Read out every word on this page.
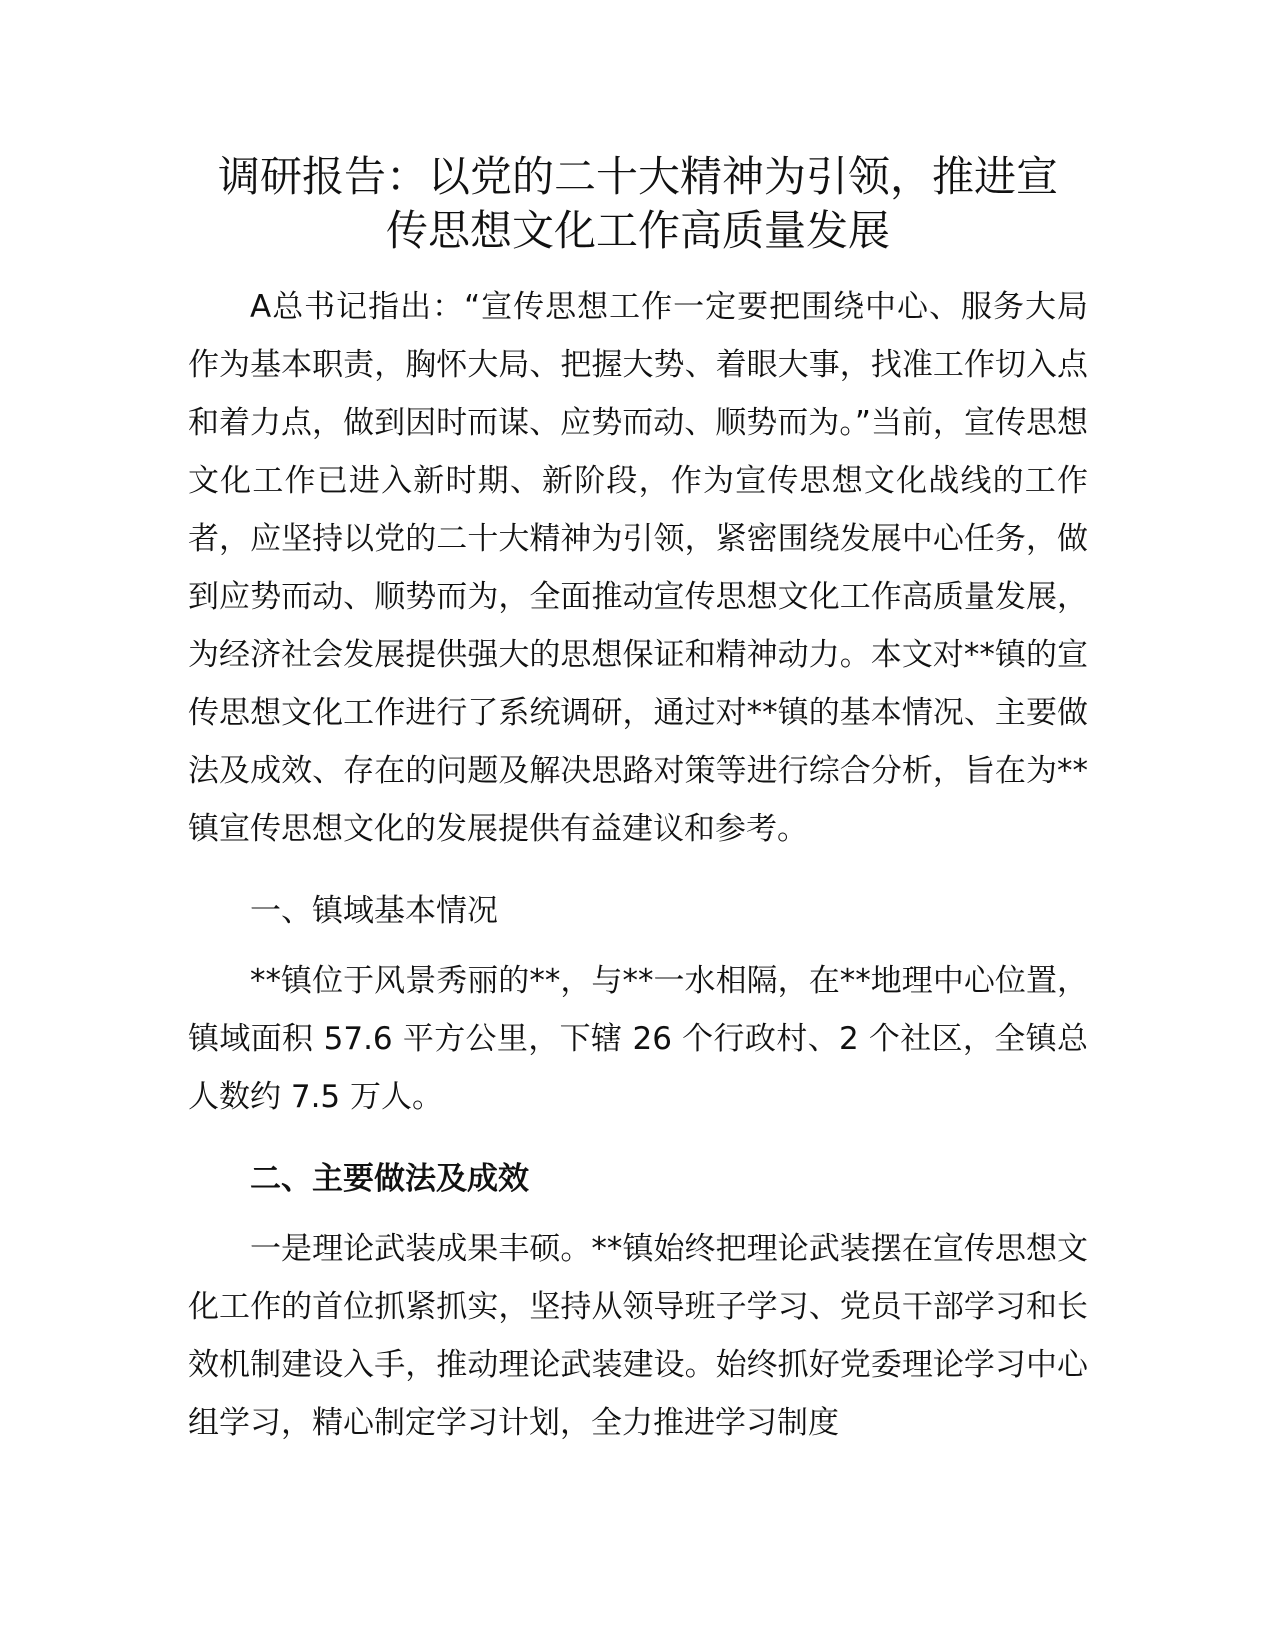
调研报告：以党的二十大精神为引领，推进宣
传思想文化工作高质量发展

A总书记指出：“宣传思想工作一定要把围绕中心、服务大局作为基本职责，胸怀大局、把握大势、着眼大事，找准工作切入点和着力点，做到因时而谋、应势而动、顺势而为。”当前，宣传思想文化工作已进入新时期、新阶段，作为宣传思想文化战线的工作者，应坚持以党的二十大精神为引领，紧密围绕发展中心任务，做到应势而动、顺势而为，全面推动宣传思想文化工作高质量发展，为经济社会发展提供强大的思想保证和精神动力。本文对**镇的宣传思想文化工作进行了系统调研，通过对**镇的基本情况、主要做法及成效、存在的问题及解决思路对策等进行综合分析，旨在为**镇宣传思想文化的发展提供有益建议和参考。

一、镇域基本情况

**镇位于风景秀丽的**，与**一水相隔，在**地理中心位置，镇域面积 57.6 平方公里，下辖 26 个行政村、2 个社区，全镇总人数约 7.5 万人。

二、主要做法及成效

一是理论武装成果丰硕。**镇始终把理论武装摆在宣传思想文化工作的首位抓紧抓实，坚持从领导班子学习、党员干部学习和长效机制建设入手，推动理论武装建设。始终抓好党委理论学习中心组学习，精心制定学习计划，全力推进学习制度
